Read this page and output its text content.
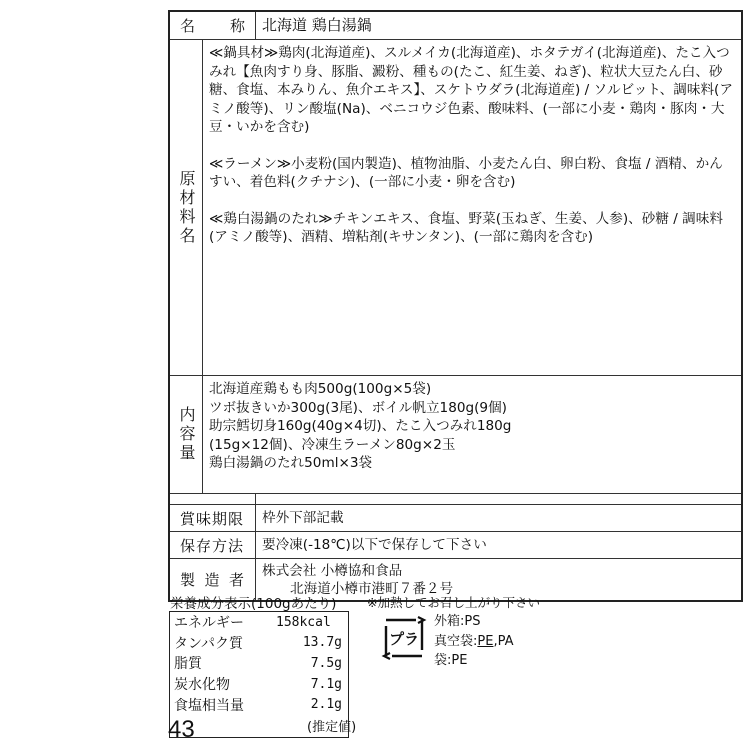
名 称	北海道 鶏白湯鍋
原材料名

≪鍋具材≫鶏肉(北海道産)、スルメイカ(北海道産)、ホタテガイ(北海道産)、たこ入つみれ【魚肉すり身、豚脂、澱粉、種もの(たこ、紅生姜、ねぎ)、粒状大豆たん白、砂糖、食塩、本みりん、魚介エキス】、スケトウダラ(北海道産) / ソルビット、調味料(アミノ酸等)、リン酸塩(Na)、ベニコウジ色素、酸味料、(一部に小麦・鶏肉・豚肉・大豆・いかを含む)

≪ラーメン≫小麦粉(国内製造)、植物油脂、小麦たん白、卵白粉、食塩 / 酒精、かんすい、着色料(クチナシ)、(一部に小麦・卵を含む)

≪鶏白湯鍋のたれ≫チキンエキス、食塩、野菜(玉ねぎ、生姜、人参)、砂糖 / 調味料(アミノ酸等)、酒精、増粘剤(キサンタン)、(一部に鶏肉を含む)

内容量
北海道産鶏もも肉500g(100g×5袋)
ツボ抜きいか300g(3尾)、ボイル帆立180g(9個)
助宗鱈切身160g(40g×4切)、たこ入つみれ180g
(15g×12個)、冷凍生ラーメン80g×2玉
鶏白湯鍋のたれ50ml×3袋
賞味期限	枠外下部記載
保存方法	要冷凍(-18℃)以下で保存して下さい
製 造 者 株式会社 小樽協和食品
北海道小樽市港町７番２号
栄養成分表示(100gあたり) ※加熱してお召し上がり下さい
エネルギー	158kcal
タンパク質	13.7g
脂質	7.5g
炭水化物	7.1g
食塩相当量	2.1g
43	(推定値)
プラ
外箱:PS
真空袋:PE,PA
袋:PE
